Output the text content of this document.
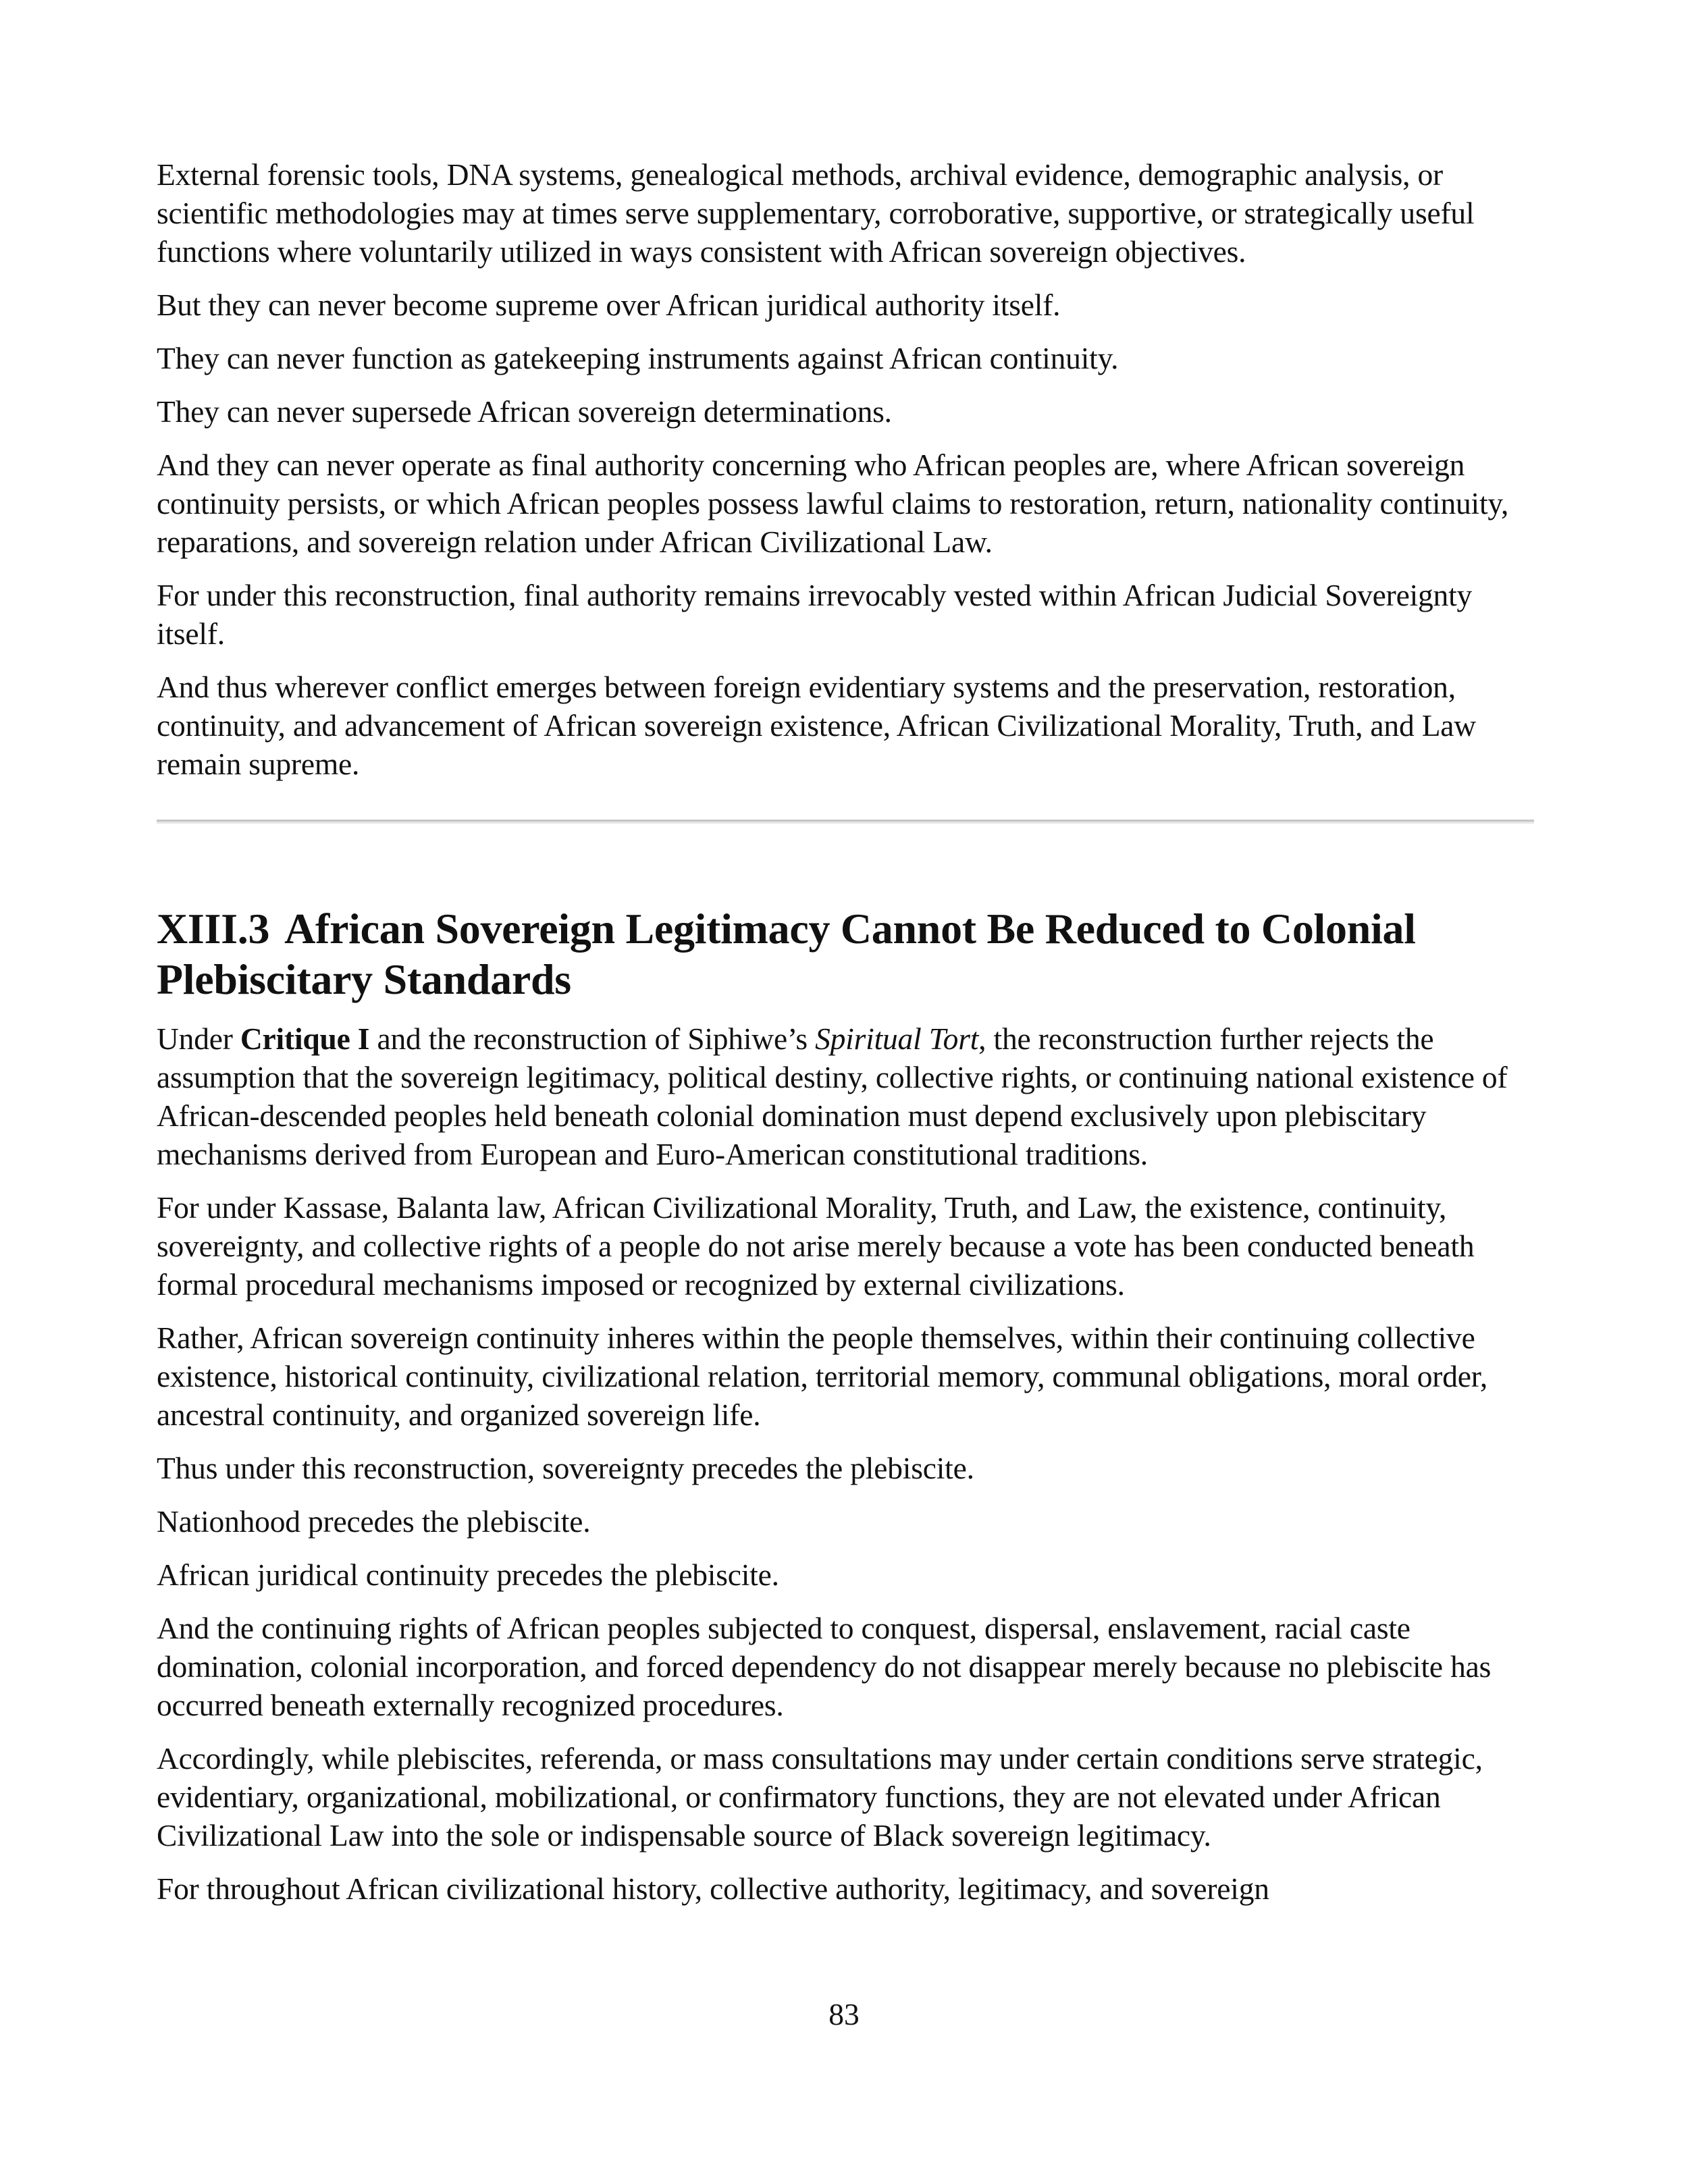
External forensic tools, DNA systems, genealogical methods, archival evidence, demographic analysis, or scientific methodologies may at times serve supplementary, corroborative, supportive, or strategically useful functions where voluntarily utilized in ways consistent with African sovereign objectives.

But they can never become supreme over African juridical authority itself.

They can never function as gatekeeping instruments against African continuity.

They can never supersede African sovereign determinations.

And they can never operate as final authority concerning who African peoples are, where African sovereign continuity persists, or which African peoples possess lawful claims to restoration, return, nationality continuity, reparations, and sovereign relation under African Civilizational Law.

For under this reconstruction, final authority remains irrevocably vested within African Judicial Sovereignty itself.

And thus wherever conflict emerges between foreign evidentiary systems and the preservation, restoration, continuity, and advancement of African sovereign existence, African Civilizational Morality, Truth, and Law remain supreme.

XIII.3 African Sovereign Legitimacy Cannot Be Reduced to Colonial Plebiscitary Standards

Under Critique I and the reconstruction of Siphiwe’s Spiritual Tort, the reconstruction further rejects the assumption that the sovereign legitimacy, political destiny, collective rights, or continuing national existence of African-descended peoples held beneath colonial domination must depend exclusively upon plebiscitary mechanisms derived from European and Euro-American constitutional traditions.

For under Kassase, Balanta law, African Civilizational Morality, Truth, and Law, the existence, continuity, sovereignty, and collective rights of a people do not arise merely because a vote has been conducted beneath formal procedural mechanisms imposed or recognized by external civilizations.

Rather, African sovereign continuity inheres within the people themselves, within their continuing collective existence, historical continuity, civilizational relation, territorial memory, communal obligations, moral order, ancestral continuity, and organized sovereign life.

Thus under this reconstruction, sovereignty precedes the plebiscite.

Nationhood precedes the plebiscite.

African juridical continuity precedes the plebiscite.

And the continuing rights of African peoples subjected to conquest, dispersal, enslavement, racial caste domination, colonial incorporation, and forced dependency do not disappear merely because no plebiscite has occurred beneath externally recognized procedures.

Accordingly, while plebiscites, referenda, or mass consultations may under certain conditions serve strategic, evidentiary, organizational, mobilizational, or confirmatory functions, they are not elevated under African Civilizational Law into the sole or indispensable source of Black sovereign legitimacy.

For throughout African civilizational history, collective authority, legitimacy, and sovereign

83
